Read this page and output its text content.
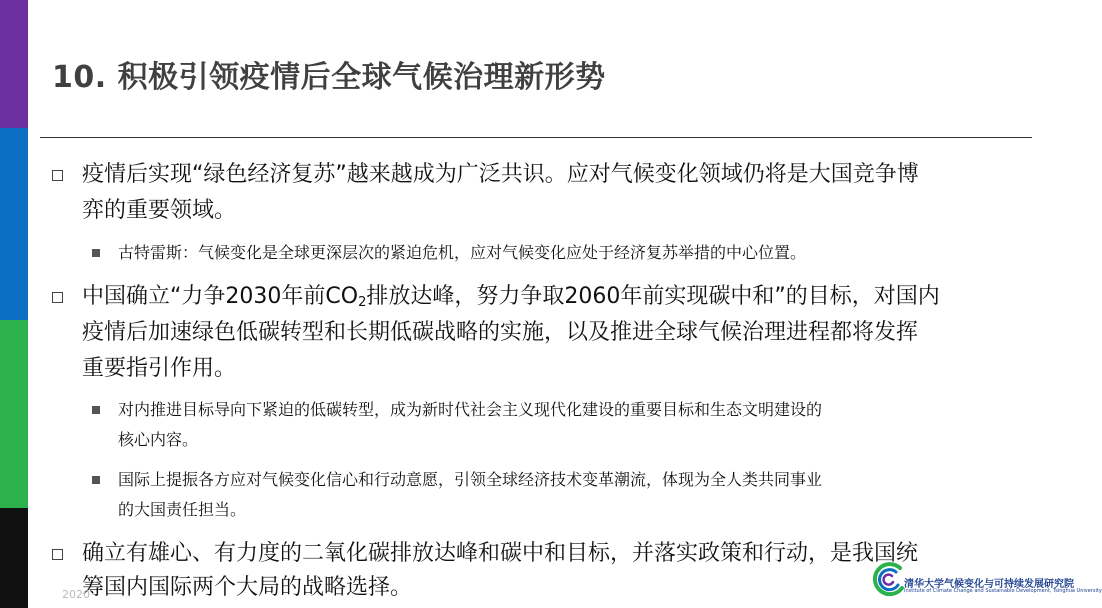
10. 积极引领疫情后全球气候治理新形势
疫情后实现“绿色经济复苏”越来越成为广泛共识。应对气候变化领域仍将是大国竞争博
弈的重要领域。
古特雷斯：气候变化是全球更深层次的紧迫危机，应对气候变化应处于经济复苏举措的中心位置。
中国确立“力争2030年前$CO_2$排放达峰，努力争取2060年前实现碳中和”的目标，对国内
疫情后加速绿色低碳转型和长期低碳战略的实施，以及推进全球气候治理进程都将发挥
重要指引作用。
对内推进目标导向下紧迫的低碳转型，成为新时代社会主义现代化建设的重要目标和生态文明建设的
核心内容。
国际上提振各方应对气候变化信心和行动意愿，引领全球经济技术变革潮流，体现为全人类共同事业
的大国责任担当。
确立有雄心、有力度的二氧化碳排放达峰和碳中和目标，并落实政策和行动，是我国统
筹国内国际两个大局的战略选择。
2020
清华大学气候变化与可持续发展研究院
Institute of Climate Change and Sustainable Development, Tsinghua University
